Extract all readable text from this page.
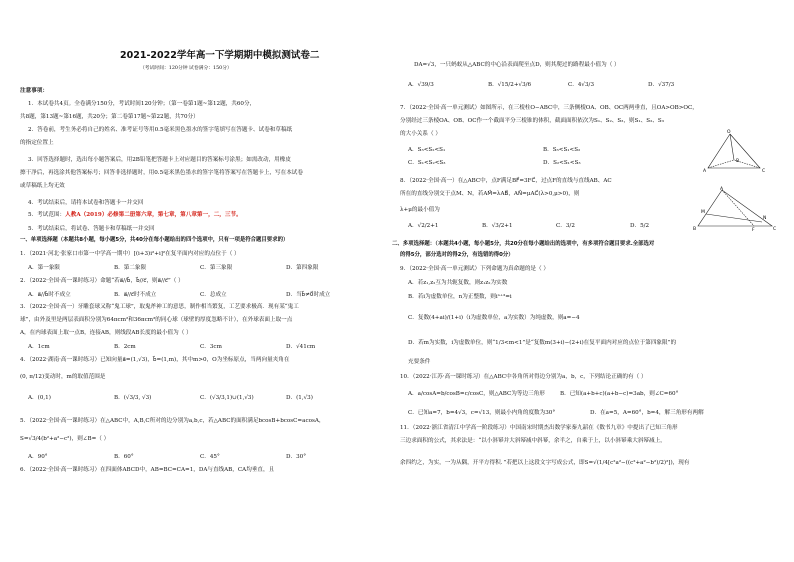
2021-2022学年高一下学期期中模拟测试卷二
（考试时间：120分钟 试卷满分：150分）
注意事项：
1．本试卷共4页。全卷满分150分，考试时间120分钟；（第一卷第1题~第12题，共60分，
共8题，第13题~第16题，共20分；第二卷第17题~第22题，共70分）
2．答卷前，考生务必将自己的姓名、准考证号等用0.5毫米黑色墨水的签字笔填写在答题卡、试卷和草稿纸
的指定位置上
3．回答选择题时，选出每小题答案后，用2B铅笔把答题卡上对应题目的答案标号涂黑；如需改动，用橡皮
擦干净后，再选涂其他答案标号；回答非选择题时，用0.5毫米黑色墨水的签字笔将答案写在答题卡上，写在本试卷
或草稿纸上均无效
4．考试结束后，请将本试卷和答题卡一并交回
5．考试范围：人教A（2019）必修第二册第六章，第七章，第八章第一，二，三节。
5．考试结束后，将试卷、答题卡和草稿纸一并交回
一、单项选择题（本题共8小题，每小题5分，共40分在每小题给出的四个选项中，只有一项是符合题目要求的）
1．（2021·河北·张家口市第一中学高一期中）[(i+3)i²+i]²在复平面内对应的点位于（ ）
A．第一象限	B．第二象限	C．第三象限	D．第四象限
2．（2022·全国·高一课时练习）命题“若a⃗//b⃗，b⃗//c⃗，则a⃗//c⃗”（ ）
A．a⃗//b⃗时不成立	B．a⃗//c⃗时不成立	C．总成立	D．当b⃗≠0⃗时成立
3．（2022·全国·高一）牙雕套球又称“鬼工球”，取鬼斧神工的意思，制作相当繁复，工艺要求极高．现有某“鬼工
球”，由外及里是两层表面积分别为64πcm²和36πcm²的同心球（球壁的厚度忽略不计），在外球表面上取一点
A，在内球表面上取一点B，连接AB，则线段AB长度的最小值为（ ）
A．1cm	B．2cm	C．3cm	D．√41cm
4．（2022·湖南·高一课时练习）已知向量a⃗=(1,√3)，b⃗=(1,m)，其中m>0，O为坐标原点，当两向量夹角在
(0, π/12)变动时，m的取值范围是
A．(0,1)	B．(√3/3, √3)	C．(√3/3,1)∪(1,√3)	D．(1,√3)
5．（2022·全国·高一课时练习）在△ABC中，A,B,C所对的边分别为a,b,c，若△ABC的面积满足bcosB+bcosC=acosA，
S=√3/4(b²+a²−c²)，则∠B=（ ）
A．90°	B．60°	C．45°	D．30°
6．（2022·全国·高一课时练习）在四面体ABCD中，AB=BC=CA=1，DA与直线AB，CA均垂直，且
DA=√3，一只蚂蚁从△ABC的中心沿表面爬至点D，则其爬过的路程最小值为（ ）
A．√39/3	B．√15/2+√3/6	C．4√3/3	D．√37/3
7．（2022·全国·高一单元测试）如图所示，在三棱柱O−ABC中，三条侧棱OA、OB、OC两两垂直，且OA>OB>OC，
分别经过三条棱OA、OB、OC作一个截面平分三棱锥的体积，截面面积依次为S₁、S₂、S₃，则S₁、S₂、S₃
的大小关系（ ）
A．S₃<S₂<S₁	B．S₃<S₁<S₂
C．S₁<S₂<S₃	D．S₂<S₁<S₃
O
A
B
C
8．（2022·全国·高一）在△ABC中，点F满足BF⃗=3FC⃗，过点F的直线与直线AB、AC
所在的直线分别交于点M、N，若AM⃗=λAB⃗，AN⃗=μAC⃗(λ>0,μ>0)，则
λ+μ的最小值为
A．√2/2+1	B．√3/2+1	C．3/2	D．5/2
A
B	C
M
N
F
二、多项选择题：（本题共4小题，每小题5分，共20分在每小题给出的选项中，有多项符合题目要求.全部选对
的得5分，部分选对的得2分，有选错的得0分）
9．（2022·全国·高一单元测试）下列命题为真命题的是（ ）
A．若z₁,z₂互为共轭复数，则z₁z₂为实数
B．若i为虚数单位，n为正整数，则iⁿ⁺³=i
C．复数(4+ai)/(1+i)（i为虚数单位，a为实数）为纯虚数，则a=−4
D．若m为实数，i为虚数单位，则“1/3<m<1”是“复数m(3+i)−(2+i)在复平面内对应的点位于第四象限”的
充要条件
10．（2022·江苏·高一课时练习）在△ABC中各角所对得边分别为a，b，c，下列结论正确的有（ ）
A．a/cosA=b/cosB=c/cosC，则△ABC为等边三角形	B．已知(a+b+c)(a+b−c)=3ab，则∠C=60°
C．已知a=7，b=4√3，c=√13，则最小内角的度数为30°	D．在a=5，A=60°，b=4，解三角形有两解
11．（2022·浙江省清江中学高一阶段练习）中国南宋时期杰出数学家秦九韶在《数书九章》中提出了已知三角形
三边求面积的公式，其求法是：“以小斜幂并大斜幂减中斜幂，余半之，自乘于上，以小斜幂乘大斜幂减上，
余四约之，为实，一为从隅，开平方得积．”若把以上这段文字写成公式，即S=√(1/4[c²a²−((c²+a²−b²)/2)²])，现有
